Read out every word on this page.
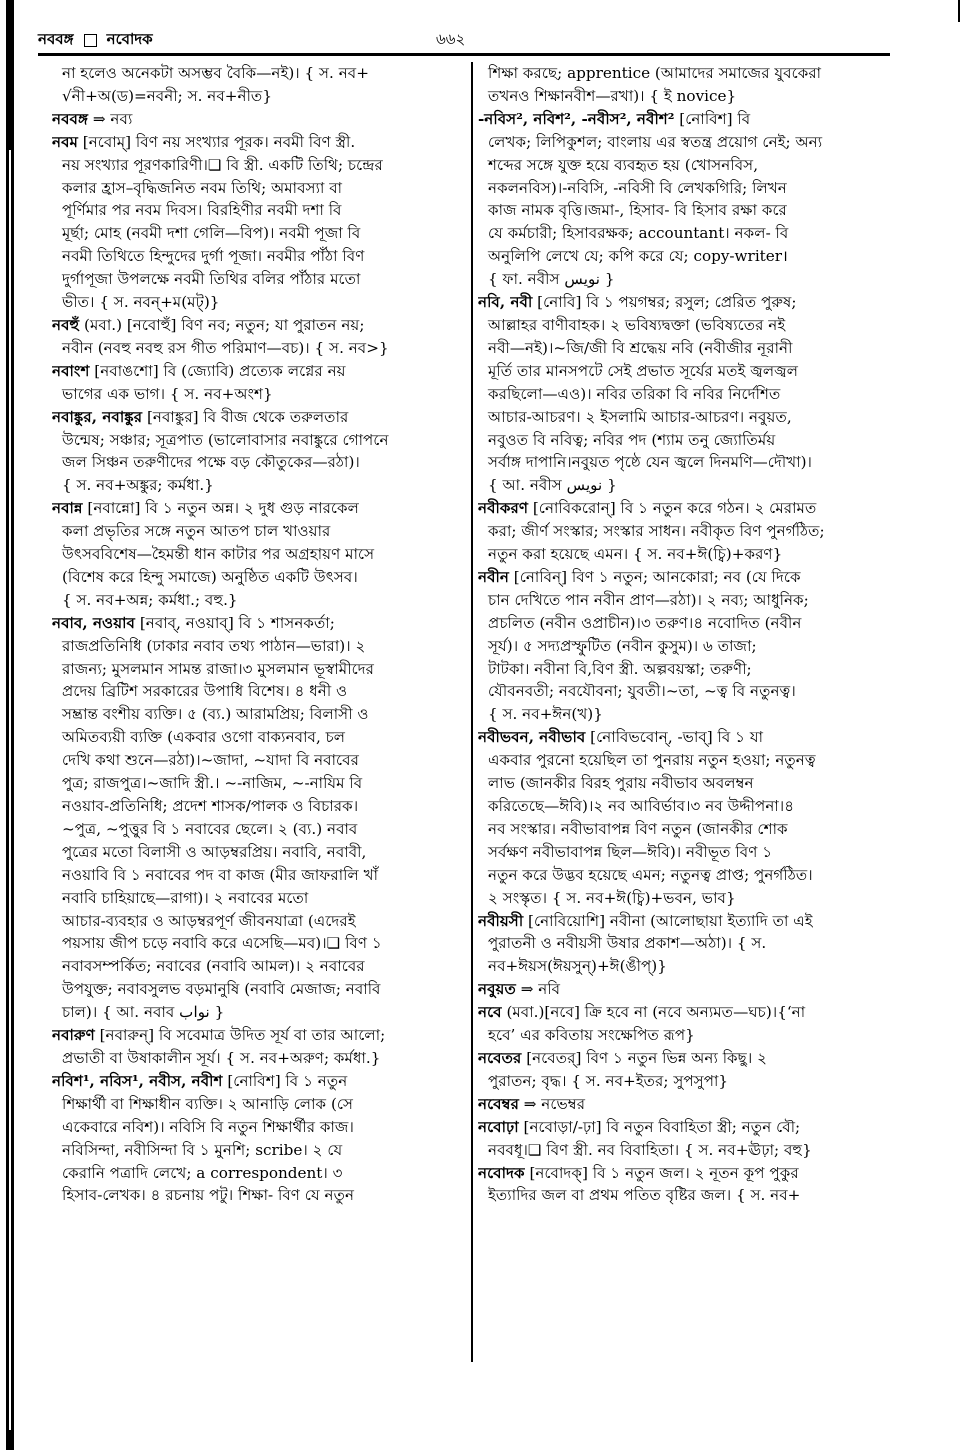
নববঙ্গ নবোদক	৬৬২
না হলেও অনেকটা অসম্ভব বৈকি—নই)। { স. নব+
√নী+অ(ড)=নবনী; স. নব+নীত}
নববঙ্গ ⇒ নব্য
নবম [নবোম্] বিণ নয় সংখ্যার পূরক। নবমী বিণ স্ত্রী.
নয় সংখ্যার পূরণকারিণী।❏ বি স্ত্রী. একটি তিথি; চন্দ্রের
কলার হ্রাস–বৃদ্ধিজনিত নবম তিথি; অমাবস্যা বা
পূর্ণিমার পর নবম দিবস। বিরহিণীর নবমী দশা বি
মূর্ছা; মোহ (নবমী দশা গেলি—বিপ)। নবমী পূজা বি
নবমী তিথিতে হিন্দুদের দুর্গা পূজা। নবমীর পাঁঠা বিণ
দুর্গাপূজা উপলক্ষে নবমী তিথির বলির পাঁঠার মতো
ভীত। { স. নবন্+ম(মট্)}
নবহুঁ (মবা.) [নবোহুঁ] বিণ নব; নতুন; যা পুরাতন নয়;
নবীন (নবহু নবহু রস গীত পরিমাণ—বচ)। { স. নব>}
নবাংশ [নবাঙশো] বি (জ্যোবি) প্রত্যেক লগ্নের নয়
ভাগের এক ভাগ। { স. নব+অংশ}
নবাঙ্কুর, নবাঙ্কুর [নবাঙ্কুর] বি বীজ থেকে তরুলতার
উন্মেষ; সঞ্চার; সূত্রপাত (ভালোবাসার নবাঙ্কুরে গোপনে
জল সিঞ্চন তরুণীদের পক্ষে বড় কৌতুকের—রঠা)।
{ স. নব+অঙ্কুর; কর্মধা.}
নবান্ন [নবান্নো] বি ১ নতুন অন্ন। ২ দুধ গুড় নারকেল
কলা প্রভৃতির সঙ্গে নতুন আতপ চাল খাওয়ার
উৎসববিশেষ—হৈমন্তী ধান কাটার পর অগ্রহায়ণ মাসে
(বিশেষ করে হিন্দু সমাজে) অনুষ্ঠিত একটি উৎসব।
{ স. নব+অন্ন; কর্মধা.; বহু.}
নবাব, নওয়াব [নবাব্, নওয়াব্] বি ১ শাসনকর্তা;
রাজপ্রতিনিধি (ঢাকার নবাব তথ্য পাঠান—ভারা)। ২
রাজন্য; মুসলমান সামন্ত রাজা।৩ মুসলমান ভূস্বামীদের
প্রদেয় ব্রিটিশ সরকারের উপাধি বিশেষ। ৪ ধনী ও
সম্ভ্রান্ত বংশীয় ব্যক্তি। ৫ (ব্য.) আরামপ্রিয়; বিলাসী ও
অমিতব্যয়ী ব্যক্তি (একবার ওগো বাক্যনবাব, চল
দেখি কথা শুনে—রঠা)।~জাদা, ~যাদা বি নবাবের
পুত্র; রাজপুত্র।~জাদি স্ত্রী.। ~-নাজিম, ~-নাযিম বি
নওয়াব-প্রতিনিধি; প্রদেশ শাসক/পালক ও বিচারক।
~পুত্র, ~পুত্তুর বি ১ নবাবের ছেলে। ২ (ব্য.) নবাব
পুত্রের মতো বিলাসী ও আড়ম্বরপ্রিয়। নবাবি, নবাবী,
নওয়াবি বি ১ নবাবের পদ বা কাজ (মীর জাফরালি খাঁ
নবাবি চাহিয়াছে—রাগা)। ২ নবাবের মতো
আচার-ব্যবহার ও আড়ম্বরপূর্ণ জীবনযাত্রা (এদেরই
পয়সায় জীপ চড়ে নবাবি করে এসেছি—মব)।❏ বিণ ১
নবাবসম্পর্কিত; নবাবের (নবাবি আমল)। ২ নবাবের
উপযুক্ত; নবাবসুলভ বড়মানুষি (নবাবি মেজাজ; নবাবি
চাল)। { আ. নবাব نواب }
নবারুণ [নবারুন্] বি সবেমাত্র উদিত সূর্য বা তার আলো;
প্রভাতী বা উষাকালীন সূর্য। { স. নব+অরুণ; কর্মধা.}
নবিশ¹, নবিস¹, নবীস, নবীশ [নোবিশ] বি ১ নতুন
শিক্ষার্থী বা শিক্ষাধীন ব্যক্তি। ২ আনাড়ি লোক (সে
একেবারে নবিশ)। নবিসি বি নতুন শিক্ষার্থীর কাজ।
নবিসিন্দা, নবীসিন্দা বি ১ মুনশি; scribe। ২ যে
কেরানি পত্রাদি লেখে; a correspondent। ৩
হিসাব-লেখক। ৪ রচনায় পটু। শিক্ষা- বিণ যে নতুন
শিক্ষা করছে; apprentice (আমাদের সমাজের যুবকেরা
তখনও শিক্ষানবীশ—রখা)। { ই novice}
-নবিস², নবিশ², -নবীস², নবীশ² [নোবিশ] বি
লেখক; লিপিকুশল; বাংলায় এর স্বতন্ত্র প্রয়োগ নেই; অন্য
শব্দের সঙ্গে যুক্ত হয়ে ব্যবহৃত হয় (খোসনবিস,
নকলনবিস)।-নবিসি, -নবিসী বি লেখকগিরি; লিখন
কাজ নামক বৃত্তি।জমা-, হিসাব- বি হিসাব রক্ষা করে
যে কর্মচারী; হিসাবরক্ষক; accountant। নকল- বি
অনুলিপি লেখে যে; কপি করে যে; copy-writer।
{ ফা. নবীস نویس }
নবি, নবী [নোবি] বি ১ পয়গম্বর; রসুল; প্রেরিত পুরুষ;
আল্লাহর বাণীবাহক। ২ ভবিষ্যদ্বক্তা (ভবিষ্যতের নই
নবী—নই)।~জি/জী বি শ্রদ্ধেয় নবি (নবীজীর নূরানী
মূর্তি তার মানসপটে সেই প্রভাত সূর্যের মতই জ্বলজ্বল
করছিলো—এও)। নবির তরিকা বি নবির নির্দেশিত
আচার-আচরণ। ২ ইসলামি আচার-আচরণ। নবুয়ত,
নবুওত বি নবিত্ব; নবির পদ (শ্যাম তনু জ্যোতির্ময়
সর্বাঙ্গ দাপানি।নবুয়ত পৃষ্ঠে যেন জ্বলে দিনমণি—দৌখা)।
{ আ. নবীস نویس }
নবীকরণ [নোবিকরোন্] বি ১ নতুন করে গঠন। ২ মেরামত
করা; জীর্ণ সংস্কার; সংস্কার সাধন। নবীকৃত বিণ পুনর্গঠিত;
নতুন করা হয়েছে এমন। { স. নব+ঈ(চ্বি)+করণ}
নবীন [নোবিন্] বিণ ১ নতুন; আনকোরা; নব (যে দিকে
চান দেখিতে পান নবীন প্রাণ—রঠা)। ২ নব্য; আধুনিক;
প্রচলিত (নবীন ওপ্রাচীন)।৩ তরুণ।৪ নবোদিত (নবীন
সূর্য)। ৫ সদ্যপ্রস্ফুটিত (নবীন কুসুম)। ৬ তাজা;
টাটকা। নবীনা বি,বিণ স্ত্রী. অল্পবয়স্কা; তরুণী;
যৌবনবতী; নবযৌবনা; যুবতী।~তা, ~ত্ব বি নতুনত্ব।
{ স. নব+ঈন(খ)}
নবীভবন, নবীভাব [নোবিভবোন্, -ভাব্] বি ১ যা
একবার পুরনো হয়েছিল তা পুনরায় নতুন হওয়া; নতুনত্ব
লাভ (জানকীর বিরহ পুরায় নবীভাব অবলম্বন
করিতেছে—ঈবি)।২ নব আবির্ভাব।৩ নব উদ্দীপনা।৪
নব সংস্কার। নবীভাবাপন্ন বিণ নতুন (জানকীর শোক
সর্বক্ষণ নবীভাবাপন্ন ছিল—ঈবি)। নবীভূত বিণ ১
নতুন করে উদ্ভব হয়েছে এমন; নতুনত্ব প্রাপ্ত; পুনর্গঠিত।
২ সংস্কৃত। { স. নব+ঈ(চ্বি)+ভবন, ভাব}
নবীয়সী [নোবিয়োশি] নবীনা (আলোছায়া ইত্যাদি তা এই
পুরাতনী ও নবীয়সী উষার প্রকাশ—অঠা)। { স.
নব+ঈয়স(ঈয়সুন্)+ঈ(ঙীপ্)}
নবুয়ত ⇒ নবি
নবে (মবা.)[নবে] ক্রি হবে না (নবে অন্যমত—ঘচ)।{‘না
হবে’ এর কবিতায় সংক্ষেপিত রূপ}
নবেতর [নবেতর্] বিণ ১ নতুন ভিন্ন অন্য কিছু। ২
পুরাতন; বৃদ্ধ। { স. নব+ইতর; সুপসুপা}
নবেম্বর ⇒ নভেম্বর
নবোঢ়া [নবোড়া/-ঢ়া] বি নতুন বিবাহিতা স্ত্রী; নতুন বৌ;
নববধূ।❏ বিণ স্ত্রী. নব বিবাহিতা। { স. নব+ঊঢ়া; বহু}
নবোদক [নবোদক্] বি ১ নতুন জল। ২ নূতন কূপ পুকুর
ইত্যাদির জল বা প্রথম পতিত বৃষ্টির জল। { স. নব+
